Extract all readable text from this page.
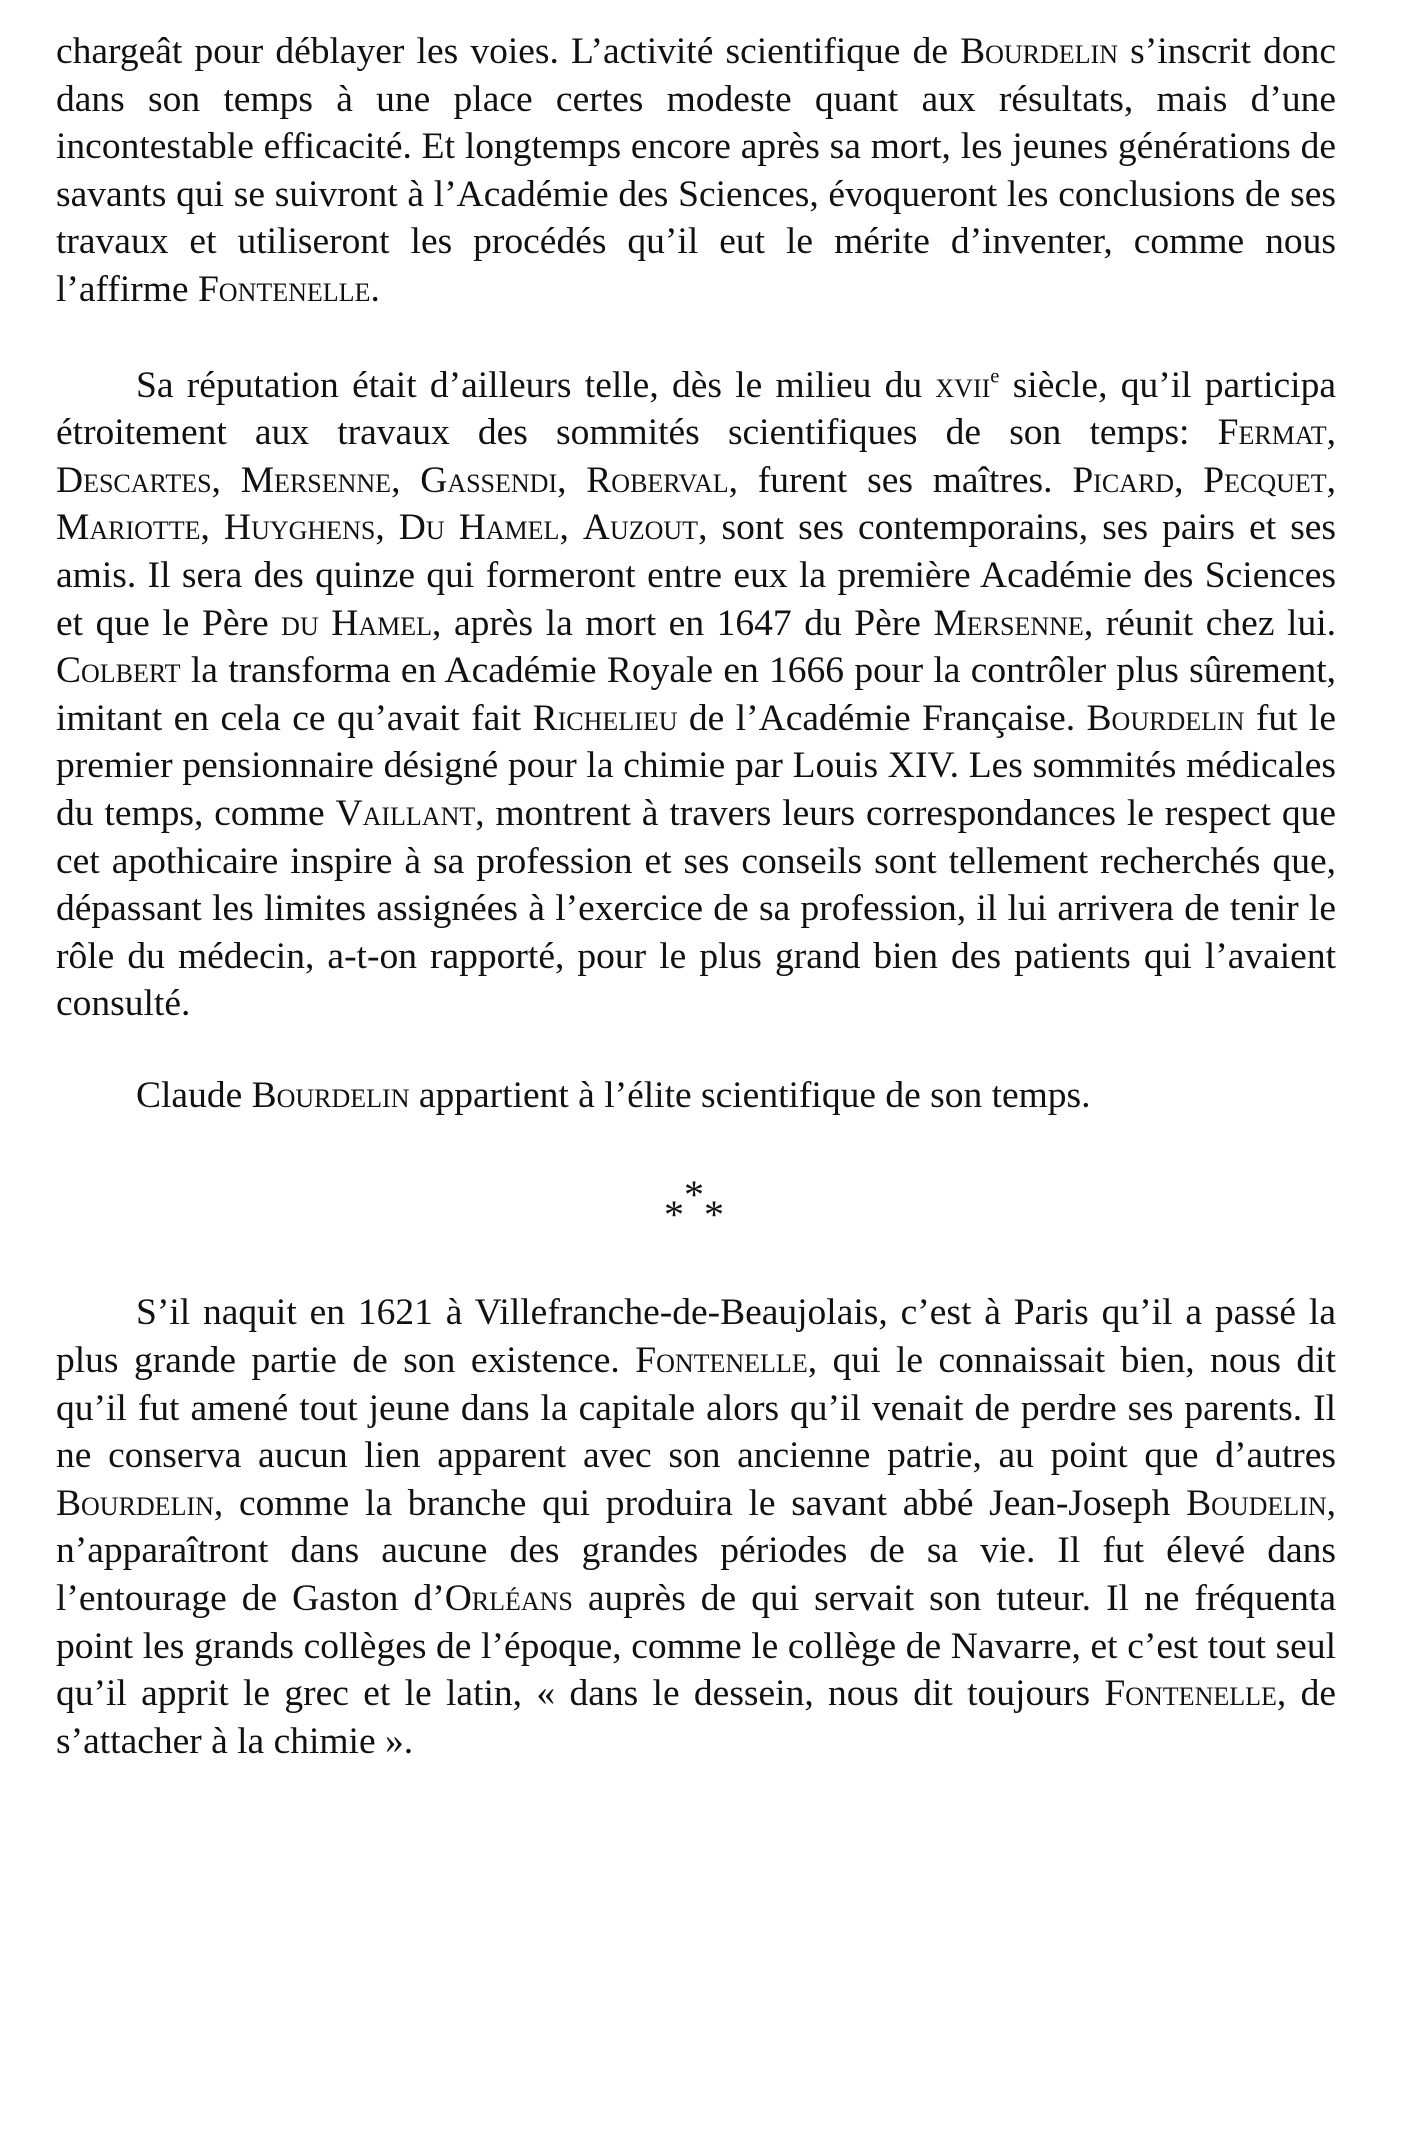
chargeât pour déblayer les voies. L’activité scientifique de Bourdelin s’inscrit donc dans son temps à une place certes modeste quant aux résultats, mais d’une incontestable efficacité. Et longtemps encore après sa mort, les jeunes générations de savants qui se suivront à l’Académie des Sciences, évoqueront les conclusions de ses travaux et utiliseront les procédés qu’il eut le mérite d’inventer, comme nous l’affirme Fontenelle.

Sa réputation était d’ailleurs telle, dès le milieu du xvii$^e$ siècle, qu’il participa étroitement aux travaux des sommités scientifiques de son temps: Fermat, Descartes, Mersenne, Gassendi, Roberval, furent ses maîtres. Picard, Pecquet, Mariotte, Huyghens, Du Hamel, Auzout, sont ses contemporains, ses pairs et ses amis. Il sera des quinze qui formeront entre eux la première Académie des Sciences et que le Père du Hamel, après la mort en 1647 du Père Mersenne, réunit chez lui. Colbert la transforma en Académie Royale en 1666 pour la contrôler plus sûrement, imitant en cela ce qu’avait fait Richelieu de l’Académie Française. Bourdelin fut le premier pensionnaire désigné pour la chimie par Louis XIV. Les sommités médicales du temps, comme Vaillant, montrent à travers leurs correspondances le respect que cet apothicaire inspire à sa profession et ses conseils sont tellement recherchés que, dépassant les limites assignées à l’exercice de sa profession, il lui arrivera de tenir le rôle du médecin, a-t-on rapporté, pour le plus grand bien des patients qui l’avaient consulté.

Claude Bourdelin appartient à l’élite scientifique de son temps.

*
* *

S’il naquit en 1621 à Villefranche-de-Beaujolais, c’est à Paris qu’il a passé la plus grande partie de son existence. Fontenelle, qui le connaissait bien, nous dit qu’il fut amené tout jeune dans la capitale alors qu’il venait de perdre ses parents. Il ne conserva aucun lien apparent avec son ancienne patrie, au point que d’autres Bourdelin, comme la branche qui produira le savant abbé Jean-Joseph Boudelin, n’apparaîtront dans aucune des grandes périodes de sa vie. Il fut élevé dans l’entourage de Gaston d’Orléans auprès de qui servait son tuteur. Il ne fréquenta point les grands collèges de l’époque, comme le collège de Navarre, et c’est tout seul qu’il apprit le grec et le latin, « dans le dessein, nous dit toujours Fontenelle, de s’attacher à la chimie ».
